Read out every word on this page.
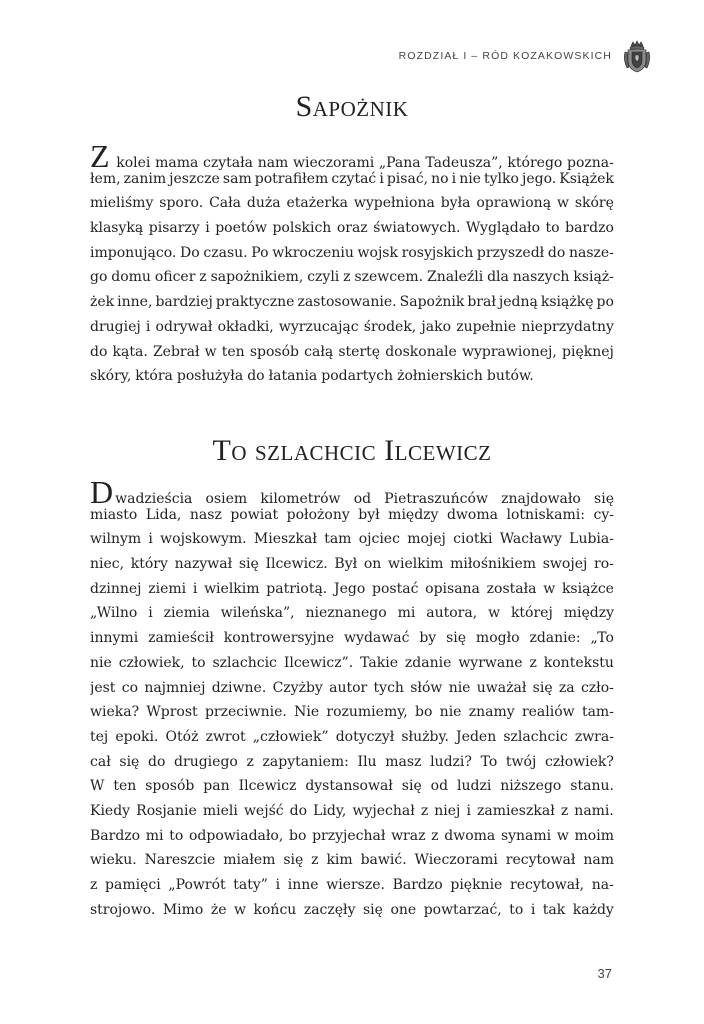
ROZDZIAŁ I – RÓD KOZAKOWSKICH
Sapożnik
Z kolei mama czytała nam wieczorami „Pana Tadeusza”, którego pozna-
łem, zanim jeszcze sam potrafiłem czytać i pisać, no i nie tylko jego. Książek
mieliśmy sporo. Cała duża etażerka wypełniona była oprawioną w skórę
klasyką pisarzy i poetów polskich oraz światowych. Wyglądało to bardzo
imponująco. Do czasu. Po wkroczeniu wojsk rosyjskich przyszedł do nasze-
go domu oficer z sapożnikiem, czyli z szewcem. Znaleźli dla naszych książ-
żek inne, bardziej praktyczne zastosowanie. Sapożnik brał jedną książkę po
drugiej i odrywał okładki, wyrzucając środek, jako zupełnie nieprzydatny
do kąta. Zebrał w ten sposób całą stertę doskonale wyprawionej, pięknej
skóry, która posłużyła do łatania podartych żołnierskich butów.
To szlachcic Ilcewicz
Dwadzieścia osiem kilometrów od Pietraszuńców znajdowało się
miasto Lida, nasz powiat położony był między dwoma lotniskami: cy-
wilnym i wojskowym. Mieszkał tam ojciec mojej ciotki Wacławy Lubia-
niec, który nazywał się Ilcewicz. Był on wielkim miłośnikiem swojej ro-
dzinnej ziemi i wielkim patriotą. Jego postać opisana została w książce
„Wilno i ziemia wileńska”, nieznanego mi autora, w której między
innymi zamieścił kontrowersyjne wydawać by się mogło zdanie: „To
nie człowiek, to szlachcic Ilcewicz”. Takie zdanie wyrwane z kontekstu
jest co najmniej dziwne. Czyżby autor tych słów nie uważał się za czło-
wieka? Wprost przeciwnie. Nie rozumiemy, bo nie znamy realiów tam-
tej epoki. Otóż zwrot „człowiek” dotyczył służby. Jeden szlachcic zwra-
cał się do drugiego z zapytaniem: Ilu masz ludzi? To twój człowiek?
W ten sposób pan Ilcewicz dystansował się od ludzi niższego stanu.
Kiedy Rosjanie mieli wejść do Lidy, wyjechał z niej i zamieszkał z nami.
Bardzo mi to odpowiadało, bo przyjechał wraz z dwoma synami w moim
wieku. Nareszcie miałem się z kim bawić. Wieczorami recytował nam
z pamięci „Powrót taty” i inne wiersze. Bardzo pięknie recytował, na-
strojowo. Mimo że w końcu zaczęły się one powtarzać, to i tak każdy
37
